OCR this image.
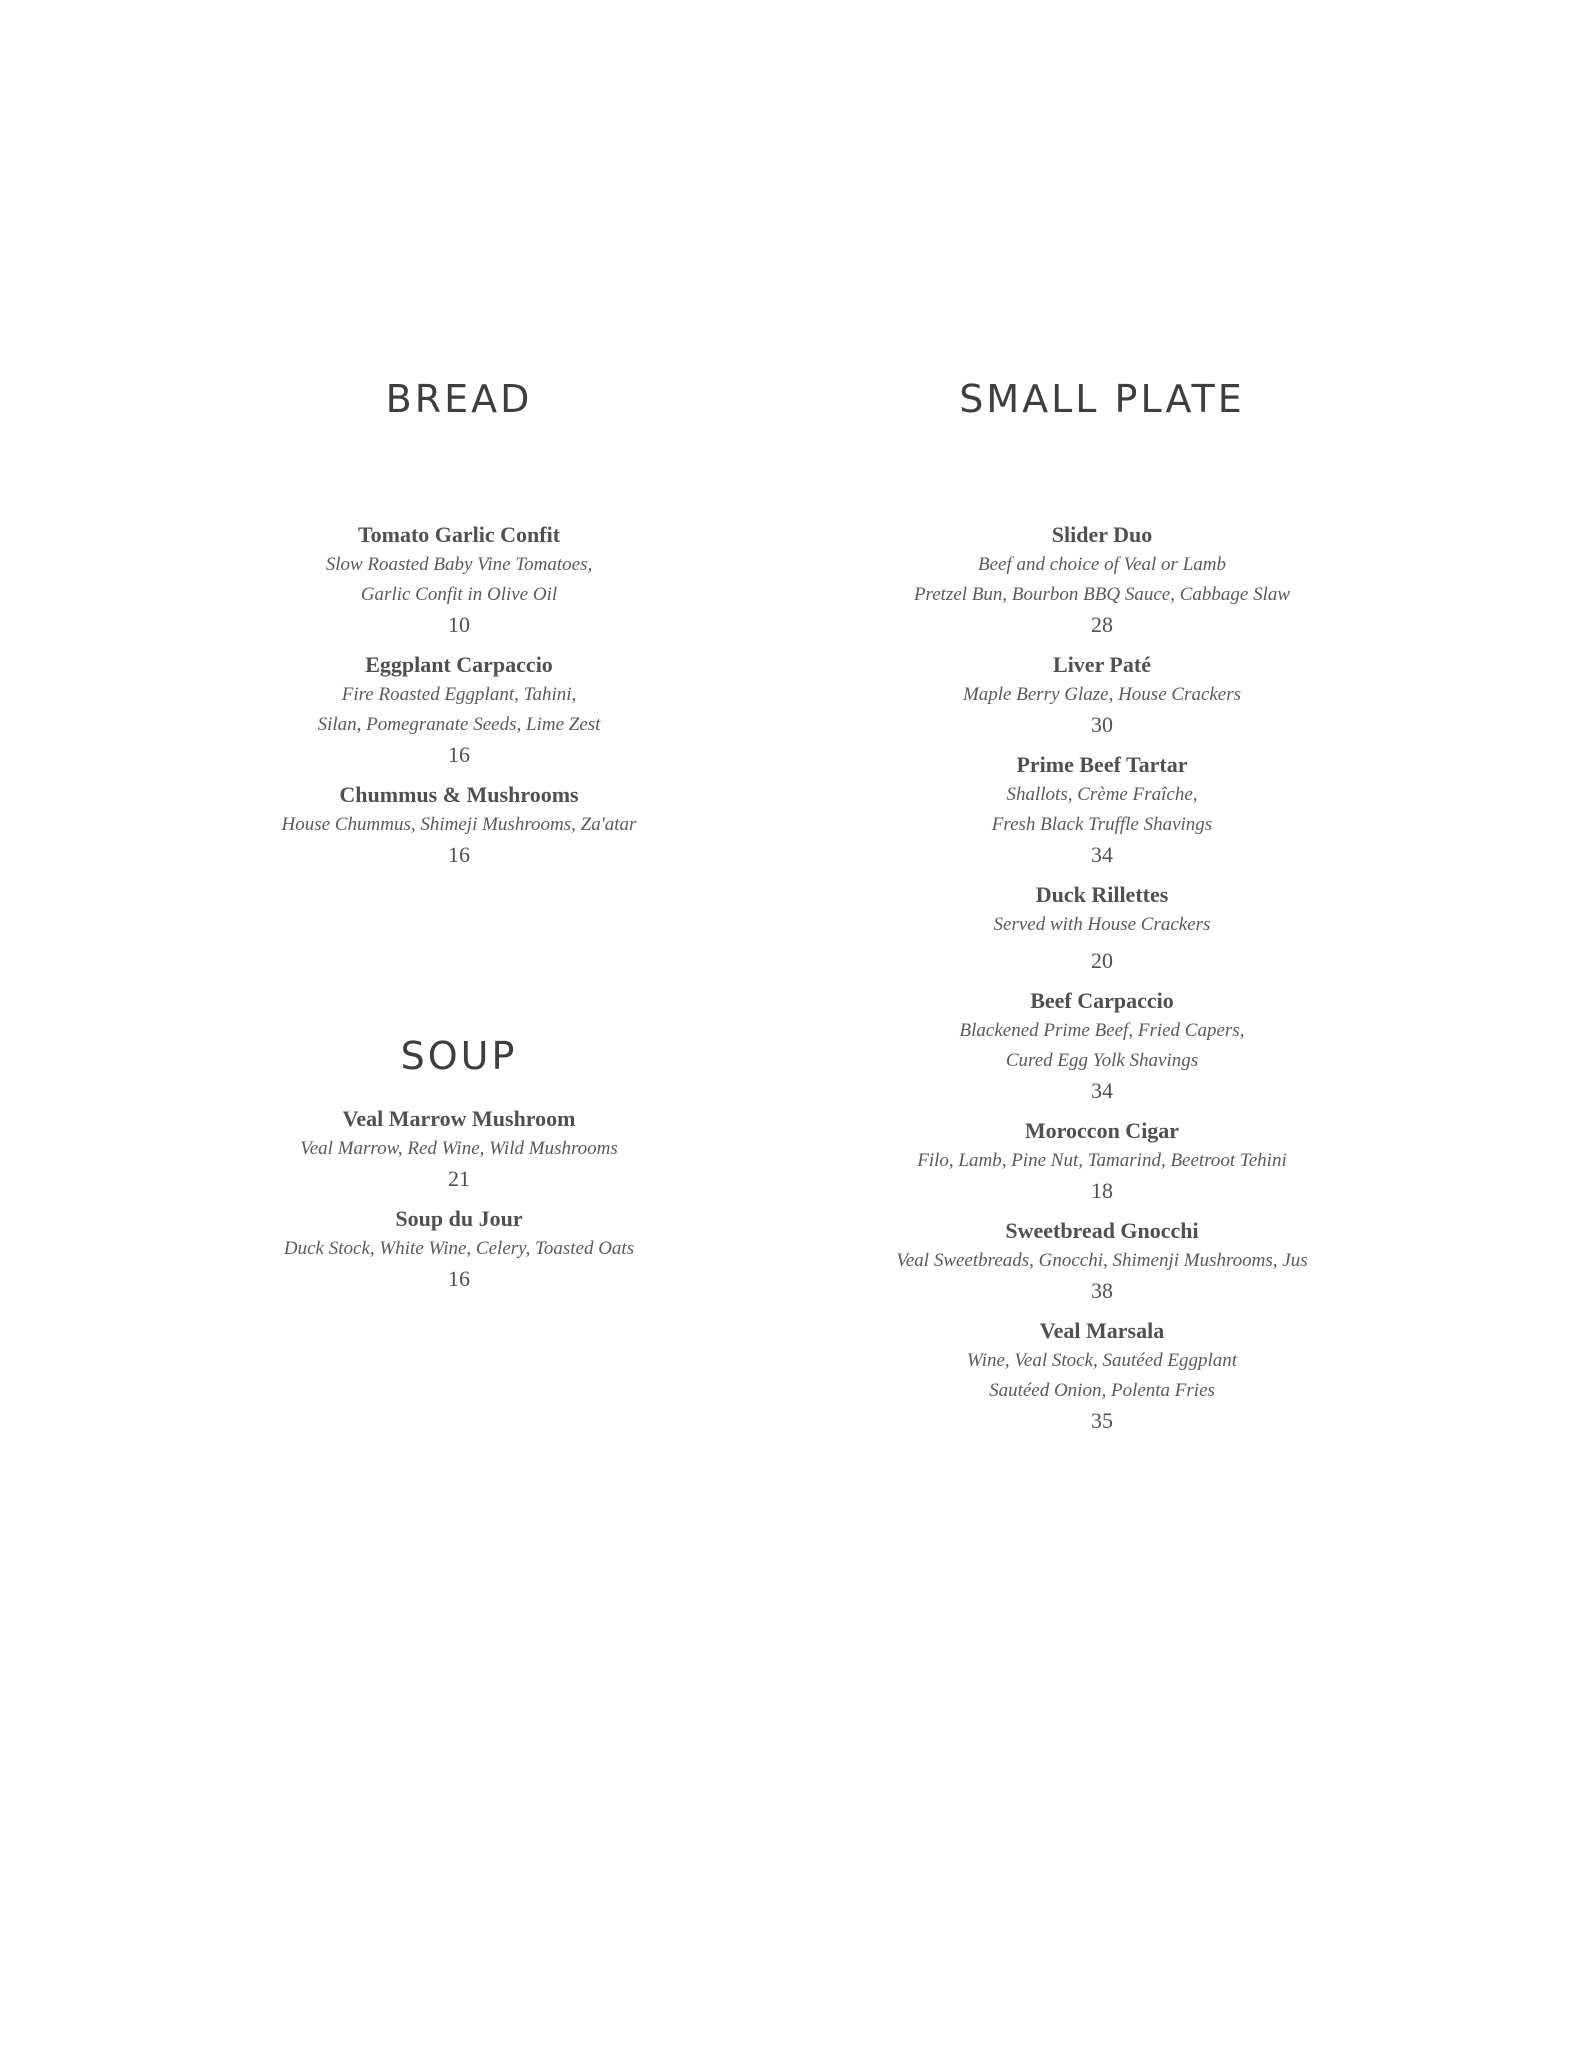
BREAD
Tomato Garlic Confit
Slow Roasted Baby Vine Tomatoes,
Garlic Confit in Olive Oil
10
Eggplant Carpaccio
Fire Roasted Eggplant, Tahini,
Silan, Pomegranate Seeds, Lime Zest
16
Chummus & Mushrooms
House Chummus, Shimeji Mushrooms, Za'atar
16
SOUP
Veal Marrow Mushroom
Veal Marrow, Red Wine, Wild Mushrooms
21
Soup du Jour
Duck Stock, White Wine, Celery, Toasted Oats
16
SMALL PLATE
Slider Duo
Beef and choice of Veal or Lamb
Pretzel Bun, Bourbon BBQ Sauce, Cabbage Slaw
28
Liver Paté
Maple Berry Glaze, House Crackers
30
Prime Beef Tartar
Shallots, Crème Fraîche,
Fresh Black Truffle Shavings
34
Duck Rillettes
Served with House Crackers
20
Beef Carpaccio
Blackened Prime Beef, Fried Capers,
Cured Egg Yolk Shavings
34
Moroccon Cigar
Filo, Lamb, Pine Nut, Tamarind, Beetroot Tehini
18
Sweetbread Gnocchi
Veal Sweetbreads, Gnocchi, Shimenji Mushrooms, Jus
38
Veal Marsala
Wine, Veal Stock, Sautéed Eggplant
Sautéed Onion, Polenta Fries
35
